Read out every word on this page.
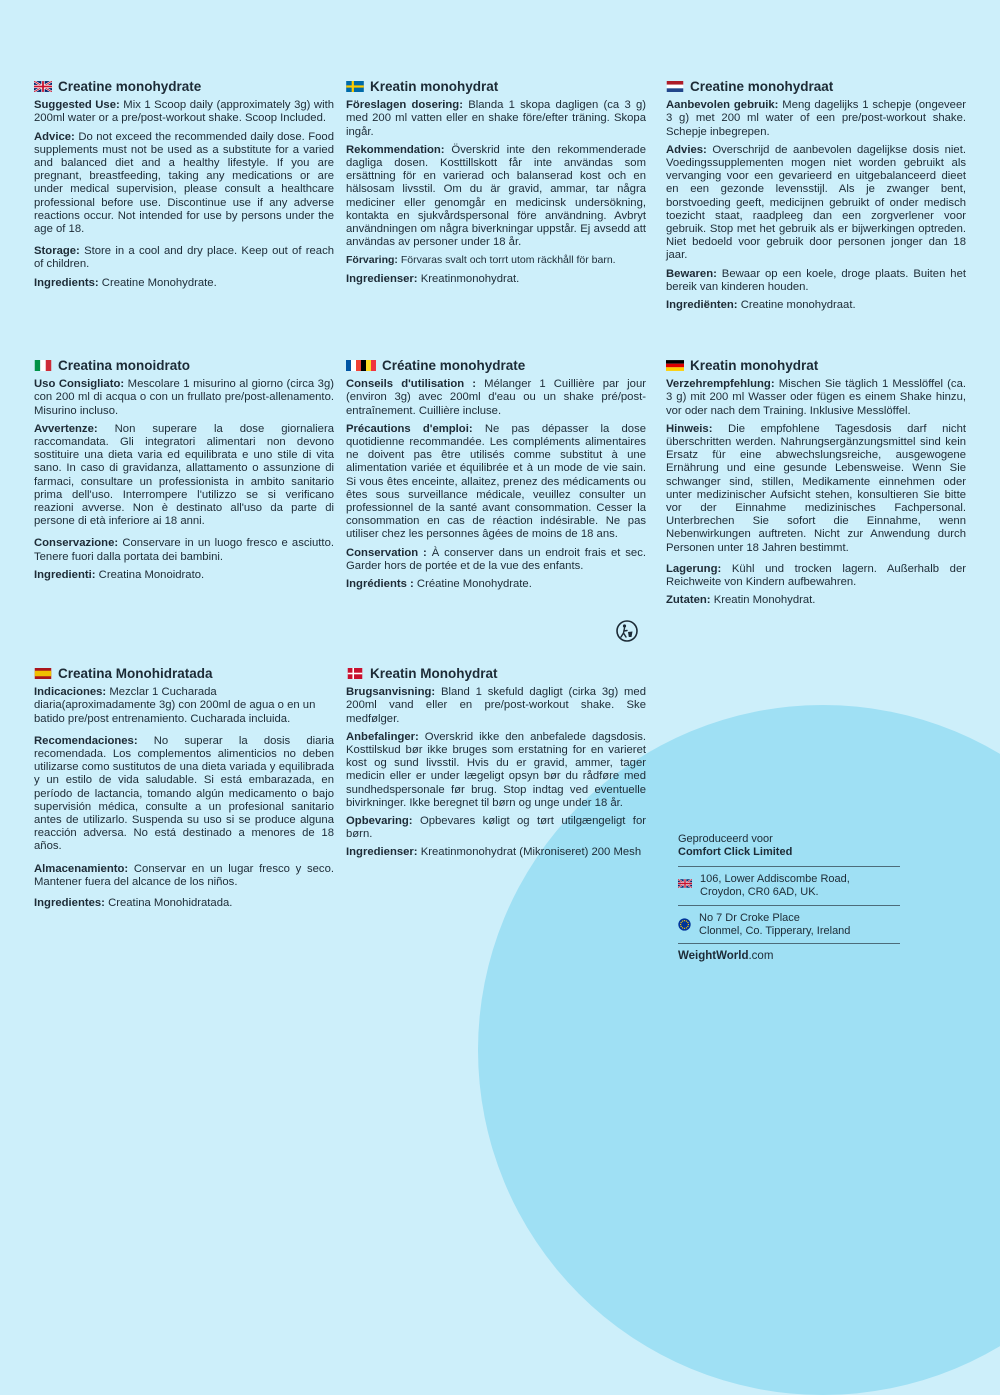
Creatine monohydrate

Suggested Use: Mix 1 Scoop daily (approximately 3g) with 200ml water or a pre/post-workout shake. Scoop Included.

Advice: Do not exceed the recommended daily dose. Food supplements must not be used as a substitute for a varied and balanced diet and a healthy lifestyle. If you are pregnant, breastfeeding, taking any medications or are under medical supervision, please consult a healthcare professional before use. Discontinue use if any adverse reactions occur. Not intended for use by persons under the age of 18.

Storage: Store in a cool and dry place. Keep out of reach of children.

Ingredients: Creatine Monohydrate.

Kreatin monohydrat

Föreslagen dosering: Blanda 1 skopa dagligen (ca 3 g) med 200 ml vatten eller en shake före/efter träning. Skopa ingår.

Rekommendation: Överskrid inte den rekommenderade dagliga dosen. Kosttillskott får inte användas som ersättning för en varierad och balanserad kost och en hälsosam livsstil. Om du är gravid, ammar, tar några mediciner eller genomgår en medicinsk undersökning, kontakta en sjukvårdspersonal före användning. Avbryt användningen om några biverkningar uppstår. Ej avsedd att användas av personer under 18 år.

Förvaring: Förvaras svalt och torrt utom räckhåll för barn.

Ingredienser: Kreatinmonohydrat.

Creatine monohydraat

Aanbevolen gebruik: Meng dagelijks 1 schepje (ongeveer 3 g) met 200 ml water of een pre/post-workout shake. Schepje inbegrepen.

Advies: Overschrijd de aanbevolen dagelijkse dosis niet. Voedingssupplementen mogen niet worden gebruikt als vervanging voor een gevarieerd en uitgebalanceerd dieet en een gezonde levensstijl. Als je zwanger bent, borstvoeding geeft, medicijnen gebruikt of onder medisch toezicht staat, raadpleeg dan een zorgverlener voor gebruik. Stop met het gebruik als er bijwerkingen optreden. Niet bedoeld voor gebruik door personen jonger dan 18 jaar.

Bewaren: Bewaar op een koele, droge plaats. Buiten het bereik van kinderen houden.

Ingrediënten: Creatine monohydraat.

Creatina monoidrato

Uso Consigliato: Mescolare 1 misurino al giorno (circa 3g) con 200 ml di acqua o con un frullato pre/post-allenamento. Misurino incluso.

Avvertenze: Non superare la dose giornaliera raccomandata. Gli integratori alimentari non devono sostituire una dieta varia ed equilibrata e uno stile di vita sano. In caso di gravidanza, allattamento o assunzione di farmaci, consultare un professionista in ambito sanitario prima dell'uso. Interrompere l'utilizzo se si verificano reazioni avverse. Non è destinato all'uso da parte di persone di età inferiore ai 18 anni.

Conservazione: Conservare in un luogo fresco e asciutto. Tenere fuori dalla portata dei bambini.

Ingredienti: Creatina Monoidrato.

Créatine monohydrate

Conseils d'utilisation : Mélanger 1 Cuillière par jour (environ 3g) avec 200ml d'eau ou un shake pré/post-entraînement. Cuillière incluse.

Précautions d'emploi: Ne pas dépasser la dose quotidienne recommandée. Les compléments alimentaires ne doivent pas être utilisés comme substitut à une alimentation variée et équilibrée et à un mode de vie sain. Si vous êtes enceinte, allaitez, prenez des médicaments ou êtes sous surveillance médicale, veuillez consulter un professionnel de la santé avant consommation. Cesser la consommation en cas de réaction indésirable. Ne pas utiliser chez les personnes âgées de moins de 18 ans.

Conservation : À conserver dans un endroit frais et sec. Garder hors de portée et de la vue des enfants.

Ingrédients : Créatine Monohydrate.

Kreatin monohydrat

Verzehrempfehlung: Mischen Sie täglich 1 Messlöffel (ca. 3 g) mit 200 ml Wasser oder fügen es einem Shake hinzu, vor oder nach dem Training. Inklusive Messlöffel.

Hinweis: Die empfohlene Tagesdosis darf nicht überschritten werden. Nahrungsergänzungsmittel sind kein Ersatz für eine abwechslungsreiche, ausgewogene Ernährung und eine gesunde Lebensweise. Wenn Sie schwanger sind, stillen, Medikamente einnehmen oder unter medizinischer Aufsicht stehen, konsultieren Sie bitte vor der Einnahme medizinisches Fachpersonal. Unterbrechen Sie sofort die Einnahme, wenn Nebenwirkungen auftreten. Nicht zur Anwendung durch Personen unter 18 Jahren bestimmt.

Lagerung: Kühl und trocken lagern. Außerhalb der Reichweite von Kindern aufbewahren.

Zutaten: Kreatin Monohydrat.

Creatina Monohidratada

Indicaciones: Mezclar 1 Cucharada diaria(aproximadamente 3g) con 200ml de agua o en un batido pre/post entrenamiento. Cucharada incluida.

Recomendaciones: No superar la dosis diaria recomendada. Los complementos alimenticios no deben utilizarse como sustitutos de una dieta variada y equilibrada y un estilo de vida saludable. Si está embarazada, en período de lactancia, tomando algún medicamento o bajo supervisión médica, consulte a un profesional sanitario antes de utilizarlo. Suspenda su uso si se produce alguna reacción adversa. No está destinado a menores de 18 años.

Almacenamiento: Conservar en un lugar fresco y seco. Mantener fuera del alcance de los niños.

Ingredientes: Creatina Monohidratada.

Kreatin Monohydrat

Brugsanvisning: Bland 1 skefuld dagligt (cirka 3g) med 200ml vand eller en pre/post-workout shake. Ske medfølger.

Anbefalinger: Overskrid ikke den anbefalede dagsdosis. Kosttilskud bør ikke bruges som erstatning for en varieret kost og sund livsstil. Hvis du er gravid, ammer, tager medicin eller er under lægeligt opsyn bør du rådføre med sundhedspersonale før brug. Stop indtag ved eventuelle bivirkninger. Ikke beregnet til børn og unge under 18 år.

Opbevaring: Opbevares køligt og tørt utilgængeligt for børn.

Ingredienser: Kreatinmonohydrat (Mikroniseret) 200 Mesh

Geproduceerd voor

Comfort Click Limited

106, Lower Addiscombe Road,
Croydon, CR0 6AD, UK.
No 7 Dr Croke Place
Clonmel, Co. Tipperary, Ireland
WeightWorld.com
